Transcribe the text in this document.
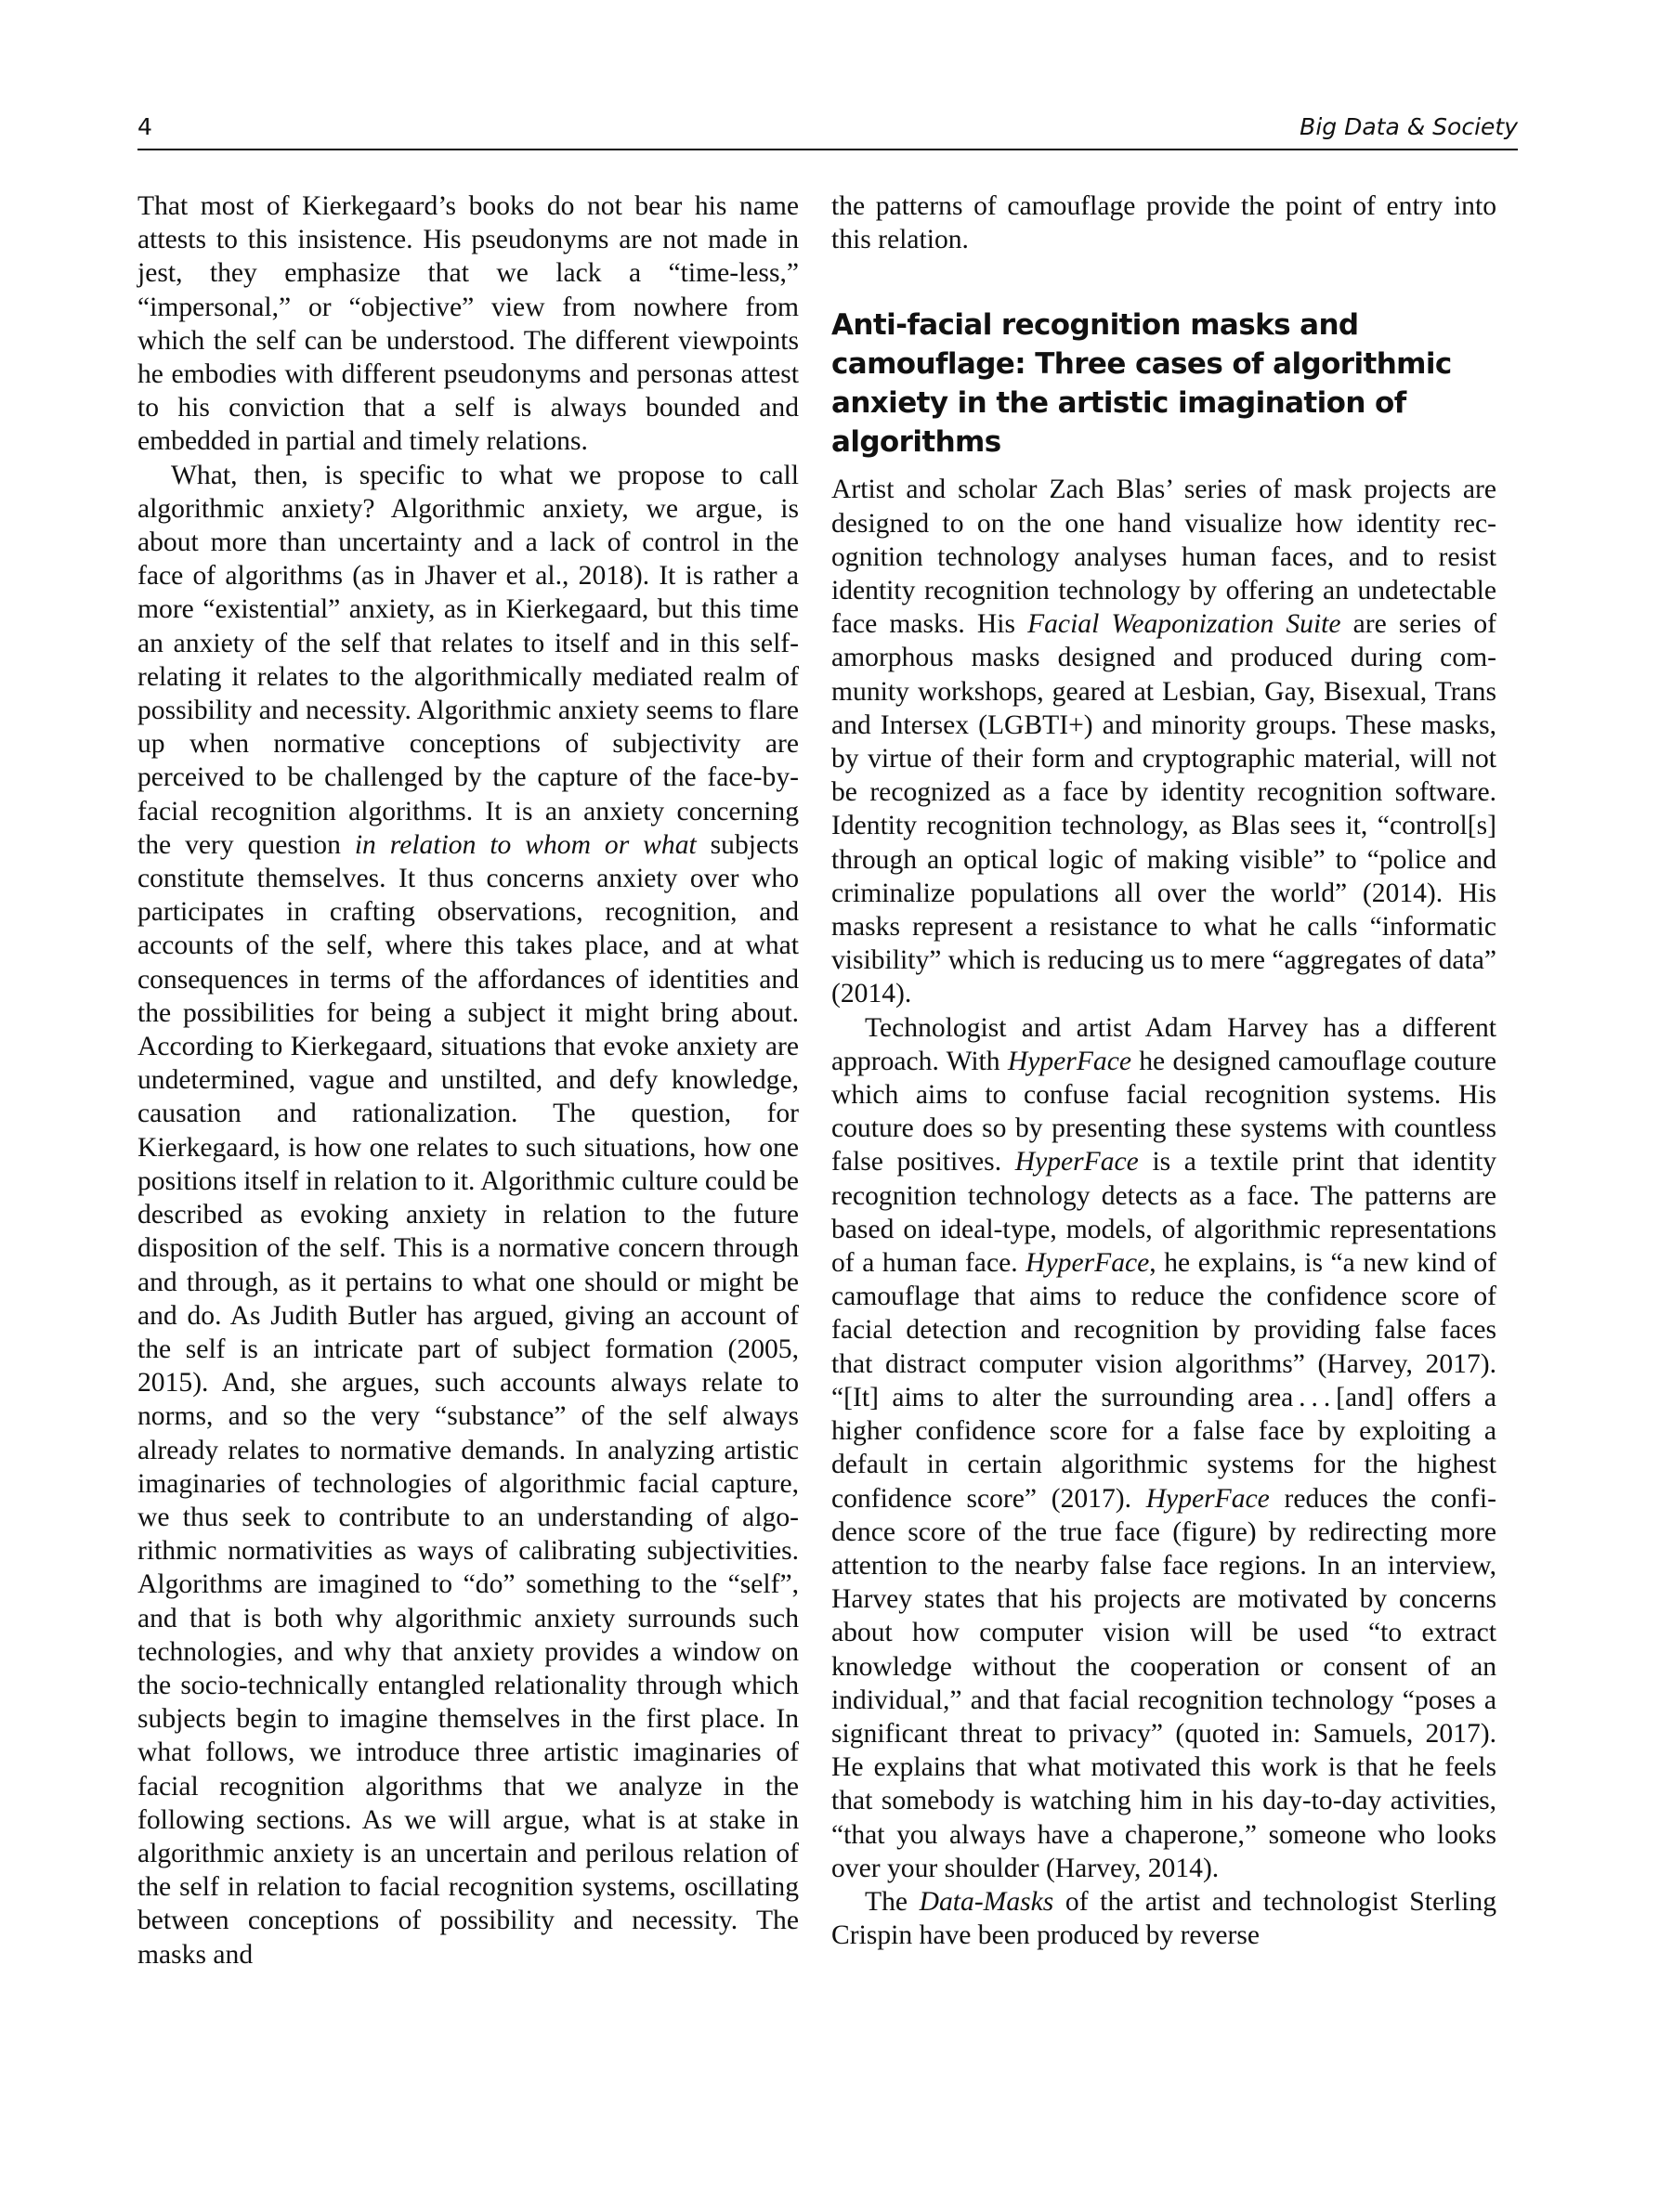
4	Big Data & Society

That most of Kierkegaard’s books do not bear his name attests to this insistence. His pseudonyms are not made in jest, they emphasize that we lack a “time-less,” “impersonal,” or “objective” view from nowhere from which the self can be understood. The different viewpoints he embodies with different pseudonyms and personas attest to his conviction that a self is always bounded and embedded in partial and timely relations.

What, then, is specific to what we propose to call algorithmic anxiety? Algorithmic anxiety, we argue, is about more than uncertainty and a lack of control in the face of algorithms (as in Jhaver et al., 2018). It is rather a more “existential” anxiety, as in Kierkegaard, but this time an anxiety of the self that relates to itself and in this self-relating it relates to the algorithmically mediated realm of possibility and necessity. Algorithmic anxiety seems to flare up when normative conceptions of subjectivity are perceived to be challenged by the capture of the face-by-facial recognition algorithms. It is an anxiety concerning the very question in relation to whom or what subjects constitute themselves. It thus concerns anxiety over who participates in crafting observations, recognition, and accounts of the self, where this takes place, and at what consequences in terms of the affordances of identities and the possibilities for being a subject it might bring about. According to Kierkegaard, situations that evoke anxiety are undetermined, vague and unstilted, and defy knowledge, causation and rationalization. The question, for Kierkegaard, is how one relates to such situations, how one positions itself in relation to it. Algorithmic culture could be described as evoking anxiety in relation to the future disposition of the self. This is a normative concern through and through, as it pertains to what one should or might be and do. As Judith Butler has argued, giving an account of the self is an intricate part of subject formation (2005, 2015). And, she argues, such accounts always relate to norms, and so the very “substance” of the self always already relates to normative demands. In analyzing artistic imaginaries of technologies of algorithmic facial capture, we thus seek to contribute to an understanding of algorithmic normativities as ways of calibrating subjectivities. Algorithms are imagined to “do” something to the “self”, and that is both why algorithmic anxiety surrounds such technologies, and why that anxiety provides a window on the socio-technically entangled relationality through which subjects begin to imagine themselves in the first place. In what follows, we introduce three artistic imaginaries of facial recognition algorithms that we analyze in the following sections. As we will argue, what is at stake in algorithmic anxiety is an uncertain and perilous relation of the self in relation to facial recognition systems, oscillating between conceptions of possibility and necessity. The masks and

the patterns of camouflage provide the point of entry into this relation.

Anti-facial recognition masks and camouflage: Three cases of algorithmic anxiety in the artistic imagination of algorithms

Artist and scholar Zach Blas’ series of mask projects are designed to on the one hand visualize how identity recognition technology analyses human faces, and to resist identity recognition technology by offering an undetectable face masks. His Facial Weaponization Suite are series of amorphous masks designed and produced during community workshops, geared at Lesbian, Gay, Bisexual, Trans and Intersex (LGBTI+) and minority groups. These masks, by virtue of their form and cryptographic material, will not be recognized as a face by identity recognition software. Identity recognition technology, as Blas sees it, “control[s] through an optical logic of making visible” to “police and criminalize populations all over the world” (2014). His masks represent a resistance to what he calls “informatic visibility” which is reducing us to mere “aggregates of data” (2014).

Technologist and artist Adam Harvey has a different approach. With HyperFace he designed camouflage couture which aims to confuse facial recognition systems. His couture does so by presenting these systems with countless false positives. HyperFace is a textile print that identity recognition technology detects as a face. The patterns are based on ideal-type, models, of algorithmic representations of a human face. HyperFace, he explains, is “a new kind of camouflage that aims to reduce the confidence score of facial detection and recognition by providing false faces that distract computer vision algorithms” (Harvey, 2017). “[It] aims to alter the surrounding area . . . [and] offers a higher confidence score for a false face by exploiting a default in certain algorithmic systems for the highest confidence score” (2017). HyperFace reduces the confidence score of the true face (figure) by redirecting more attention to the nearby false face regions. In an interview, Harvey states that his projects are motivated by concerns about how computer vision will be used “to extract knowledge without the cooperation or consent of an individual,” and that facial recognition technology “poses a significant threat to privacy” (quoted in: Samuels, 2017). He explains that what motivated this work is that he feels that somebody is watching him in his day-to-day activities, “that you always have a chaperone,” someone who looks over your shoulder (Harvey, 2014).

The Data-Masks of the artist and technologist Sterling Crispin have been produced by reverse
